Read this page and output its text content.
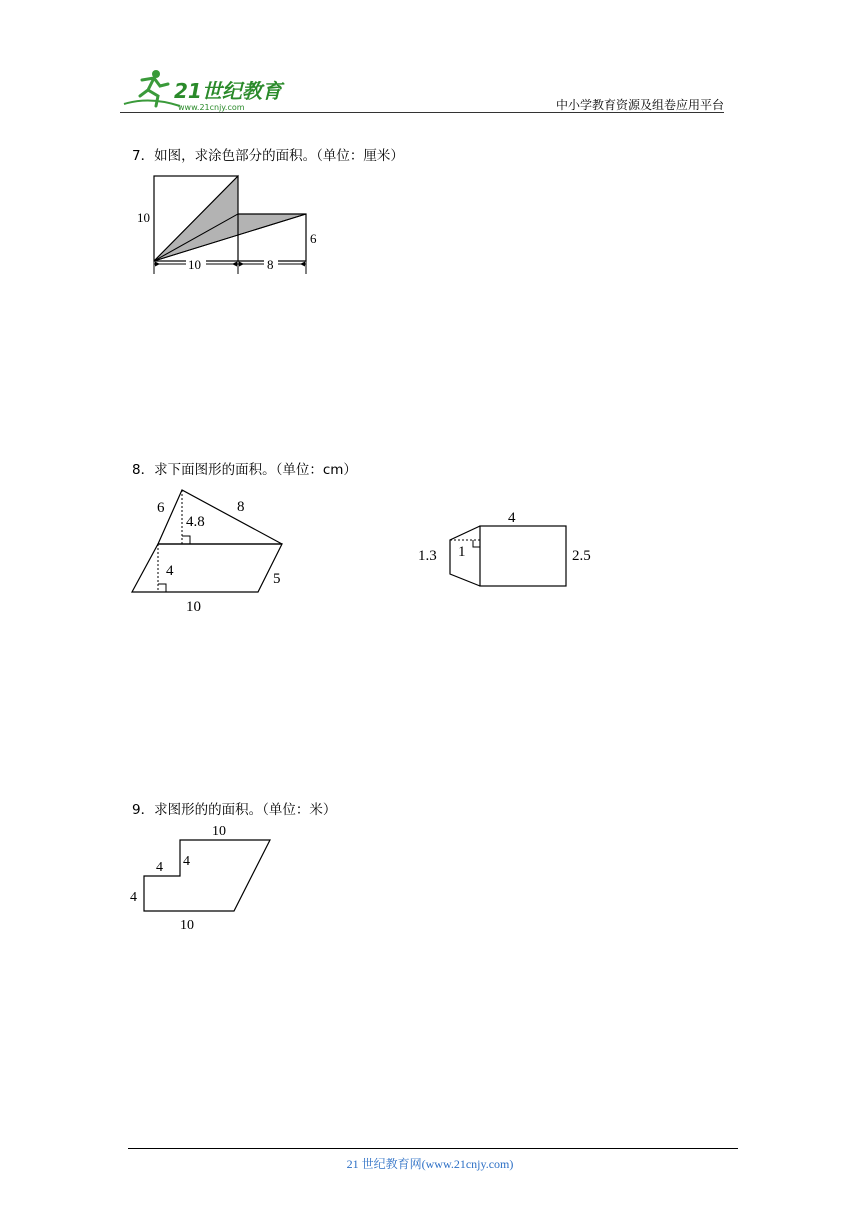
21世纪教育
www.21cnjy.com	中小学教育资源及组卷应用平台
7．如图，求涂色部分的面积。（单位：厘米）
10
6
10	8
8．求下面图形的面积。（单位：cm）
6	8
4.8
4	5
10
4
1.3 1	2.5
9．求图形的的面积。（单位：米）
10
4 4
4
10
21 世纪教育网(www.21cnjy.com)
